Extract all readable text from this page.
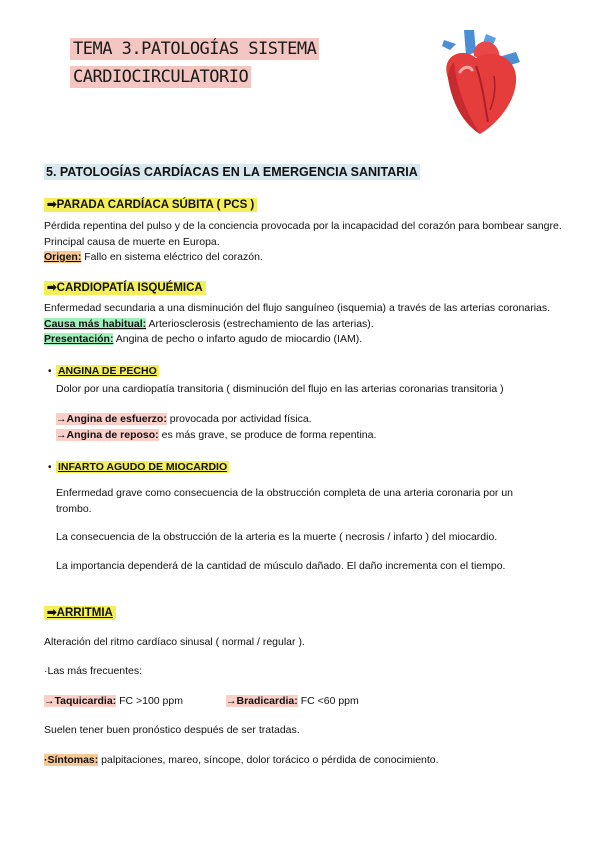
TEMA 3.PATOLOGÍAS SISTEMA
CARDIOCIRCULATORIO
5. PATOLOGÍAS CARDÍACAS EN LA EMERGENCIA SANITARIA
➡PARADA CARDÍACA SÚBITA ( PCS )
Pérdida repentina del pulso y de la conciencia provocada por la incapacidad del corazón para bombear sangre.
Principal causa de muerte en Europa.
Origen: Fallo en sistema eléctrico del corazón.
➡CARDIOPATÍA ISQUÉMICA
Enfermedad secundaria a una disminución del flujo sanguíneo (isquemia) a través de las arterias coronarias.
Causa más habitual: Arteriosclerosis (estrechamiento de las arterias).
Presentación: Angina de pecho o infarto agudo de miocardio (IAM).
• ANGINA DE PECHO
Dolor por una cardiopatía transitoria ( disminución del flujo en las arterias coronarias transitoria )
→Angina de esfuerzo: provocada por actividad física.
→Angina de reposo: es más grave, se produce de forma repentina.
• INFARTO AGUDO DE MIOCARDIO
Enfermedad grave como consecuencia de la obstrucción completa de una arteria coronaria por un
trombo.
La consecuencia de la obstrucción de la arteria es la muerte ( necrosis / infarto ) del miocardio.
La importancia dependerá de la cantidad de músculo dañado. El daño incrementa con el tiempo.
➡ARRITMIA
Alteración del ritmo cardíaco sinusal ( normal / regular ).
·Las más frecuentes:
→Taquicardia: FC >100 ppm	→Bradicardia: FC <60 ppm
Suelen tener buen pronóstico después de ser tratadas.
·Síntomas: palpitaciones, mareo, síncope, dolor torácico o pérdida de conocimiento.
